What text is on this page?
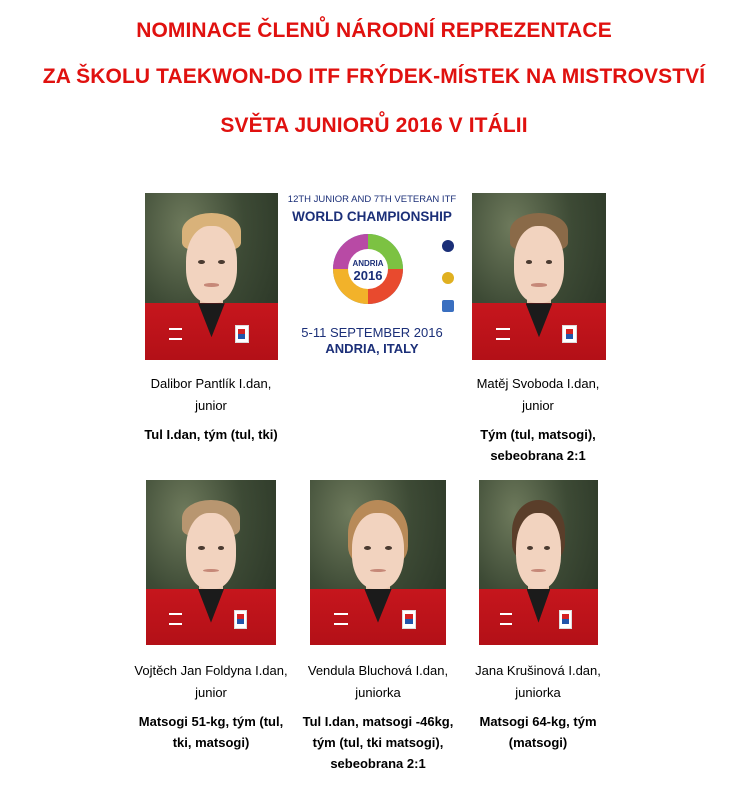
NOMINACE ČLENŮ NÁRODNÍ REPREZENTACE
ZA ŠKOLU TAEKWON-DO ITF FRÝDEK-MÍSTEK NA MISTROVSTVÍ
SVĚTA JUNIORŮ 2016 V ITÁLII
12TH JUNIOR AND 7TH VETERAN ITF
WORLD CHAMPIONSHIP
ANDRIA
2016
5-11 SEPTEMBER 2016
ANDRIA, ITALY
Dalibor Pantlík I.dan,
junior
Tul I.dan, tým (tul, tki)
Matěj Svoboda I.dan,
junior
Tým (tul, matsogi),
sebeobrana 2:1
Vojtěch Jan Foldyna I.dan,
junior
Matsogi 51-kg, tým (tul,
tki, matsogi)
Vendula Bluchová I.dan,
juniorka
Tul I.dan, matsogi -46kg,
tým (tul, tki matsogi),
sebeobrana 2:1
Jana Krušinová I.dan,
juniorka
Matsogi 64-kg, tým
(matsogi)
